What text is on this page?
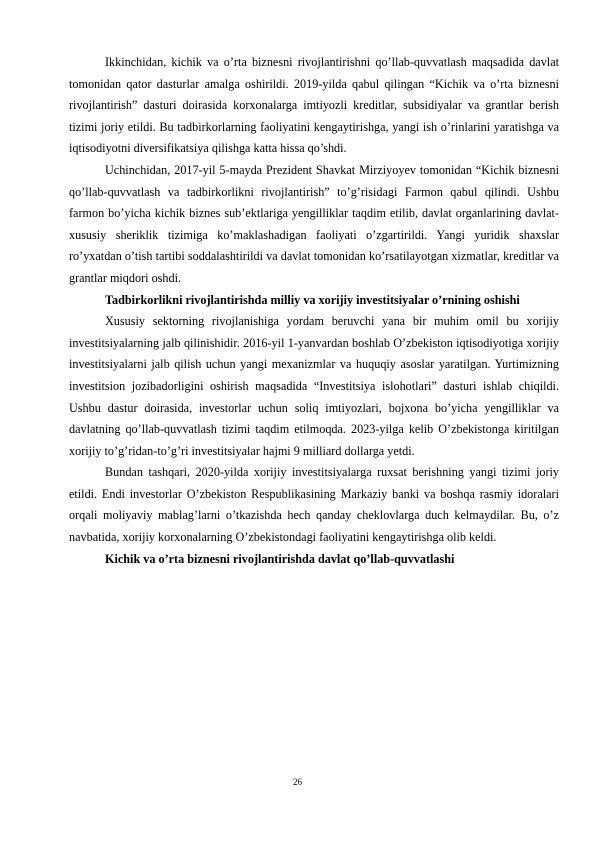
Ikkinchidan, kichik va o’rta biznesni rivojlantirishni qo’llab-quvvatlash maqsadida davlat tomonidan qator dasturlar amalga oshirildi. 2019-yilda qabul qilingan “Kichik va o’rta biznesni rivojlantirish” dasturi doirasida korxonalarga imtiyozli kreditlar, subsidiyalar va grantlar berish tizimi joriy etildi. Bu tadbirkorlarning faoliyatini kengaytirishga, yangi ish o’rinlarini yaratishga va iqtisodiyotni diversifikatsiya qilishga katta hissa qo’shdi.

Uchinchidan, 2017-yil 5-mayda Prezident Shavkat Mirziyoyev tomonidan “Kichik biznesni qo’llab-quvvatlash va tadbirkorlikni rivojlantirish” to’g’risidagi Farmon qabul qilindi. Ushbu farmon bo’yicha kichik biznes sub’ektlariga yengilliklar taqdim etilib, davlat organlarining davlat-xususiy sheriklik tizimiga ko’maklashadigan faoliyati o’zgartirildi. Yangi yuridik shaxslar ro’yxatdan o’tish tartibi soddalashtirildi va davlat tomonidan ko’rsatilayotgan xizmatlar, kreditlar va grantlar miqdori oshdi.

Tadbirkorlikni rivojlantirishda milliy va xorijiy investitsiyalar o’rnining oshishi

Xususiy sektorning rivojlanishiga yordam beruvchi yana bir muhim omil bu xorijiy investitsiyalarning jalb qilinishidir. 2016-yil 1-yanvardan boshlab O’zbekiston iqtisodiyotiga xorijiy investitsiyalarni jalb qilish uchun yangi mexanizmlar va huquqiy asoslar yaratilgan. Yurtimizning investitsion jozibadorligini oshirish maqsadida “Investitsiya islohotlari” dasturi ishlab chiqildi. Ushbu dastur doirasida, investorlar uchun soliq imtiyozlari, bojxona bo’yicha yengilliklar va davlatning qo’llab-quvvatlash tizimi taqdim etilmoqda. 2023-yilga kelib O’zbekistonga kiritilgan xorijiy to’g’ridan-to’g’ri investitsiyalar hajmi 9 milliard dollarga yetdi.

Bundan tashqari, 2020-yilda xorijiy investitsiyalarga ruxsat berishning yangi tizimi joriy etildi. Endi investorlar O’zbekiston Respublikasining Markaziy banki va boshqa rasmiy idoralari orqali moliyaviy mablag’larni o’tkazishda hech qanday cheklovlarga duch kelmaydilar. Bu, o’z navbatida, xorijiy korxonalarning O’zbekistondagi faoliyatini kengaytirishga olib keldi.

Kichik va o’rta biznesni rivojlantirishda davlat qo’llab-quvvatlashi

26
